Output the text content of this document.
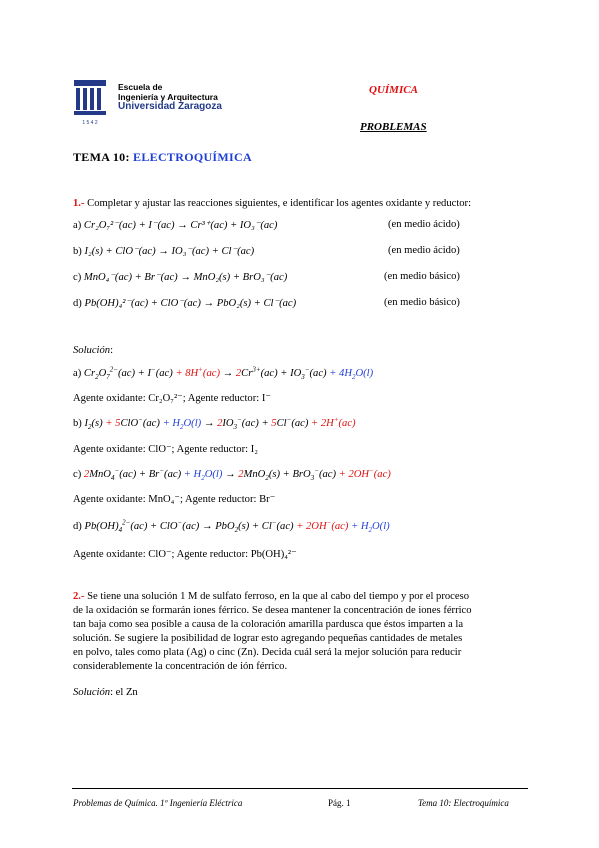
1 5 4 2
Escuela de
Ingeniería y Arquitectura
Universidad Zaragoza
QUÍMICA
PROBLEMAS
TEMA 10: ELECTROQUÍMICA
1.- Completar y ajustar las reacciones siguientes, e identificar los agentes oxidante y reductor:
a) Cr₂O₇²⁻(ac) + I⁻(ac) → Cr³⁺(ac) + IO₃⁻(ac)	(en medio ácido)
b) I₂(s) + ClO⁻(ac) → IO₃⁻(ac) + Cl⁻(ac)	(en medio ácido)
c) MnO₄⁻(ac) + Br⁻(ac) → MnO₂(s) + BrO₃⁻(ac)	(en medio básico)
d) Pb(OH)₄²⁻(ac) + ClO⁻(ac) → PbO₂(s) + Cl⁻(ac)	(en medio básico)
Solución:
a) $Cr_2O_7^{2-}(ac) + I^-(ac) + 8H^+(ac) \to 2Cr^{3+}(ac) + IO_3^-(ac) + 4H_2O(l)$
Agente oxidante: Cr₂O₇²⁻; Agente reductor: I⁻
b) $I_2(s) + 5ClO^-(ac) + H_2O(l) \to 2IO_3^-(ac) + 5Cl^-(ac) + 2H^+(ac)$
Agente oxidante: ClO⁻; Agente reductor: I₂
c) $2MnO_4^-(ac) + Br^-(ac) + H_2O(l) \to 2MnO_2(s) + BrO_3^-(ac) + 2OH^-(ac)$
Agente oxidante: MnO₄⁻; Agente reductor: Br⁻
d) $Pb(OH)_4^{2-}(ac) + ClO^-(ac) \to PbO_2(s) + Cl^-(ac) + 2OH^-(ac) + H_2O(l)$
Agente oxidante: ClO⁻; Agente reductor: Pb(OH)₄²⁻
2.- Se tiene una solución 1 M de sulfato ferroso, en la que al cabo del tiempo y por el proceso
de la oxidación se formarán iones férrico. Se desea mantener la concentración de iones férrico
tan baja como sea posible a causa de la coloración amarilla pardusca que éstos imparten a la
solución. Se sugiere la posibilidad de lograr esto agregando pequeñas cantidades de metales
en polvo, tales como plata (Ag) o cinc (Zn). Decida cuál será la mejor solución para reducir
considerablemente la concentración de ión férrico.
Solución: el Zn
Problemas de Química. 1º Ingeniería Eléctrica	Pág. 1	Tema 10: Electroquímica
